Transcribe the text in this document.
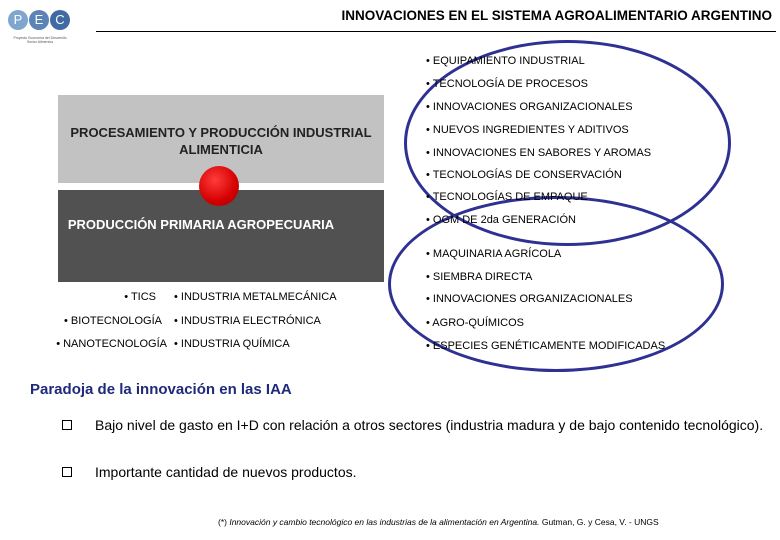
P E C
Proyecto Economía del Desarrollo Sector Alimentos
INNOVACIONES EN EL SISTEMA AGROALIMENTARIO ARGENTINO
PROCESAMIENTO Y PRODUCCIÓN INDUSTRIAL ALIMENTICIA
PRODUCCIÓN PRIMARIA AGROPECUARIA
• EQUIPAMIENTO INDUSTRIAL
• TECNOLOGÍA DE PROCESOS
• INNOVACIONES ORGANIZACIONALES
• NUEVOS INGREDIENTES Y ADITIVOS
• INNOVACIONES EN SABORES Y AROMAS
• TECNOLOGÍAS DE CONSERVACIÓN
• TECNOLOGÍAS DE EMPAQUE
• OGM DE 2da GENERACIÓN
• MAQUINARIA AGRÍCOLA
• SIEMBRA DIRECTA
• INNOVACIONES ORGANIZACIONALES
• AGRO-QUÍMICOS
• ESPECIES GENÉTICAMENTE MODIFICADAS
• TICS
• BIOTECNOLOGÍA
• NANOTECNOLOGÍA
• INDUSTRIA METALMECÁNICA
• INDUSTRIA ELECTRÓNICA
• INDUSTRIA QUÍMICA
Paradoja de la innovación en las IAA
Bajo nivel de gasto en I+D con relación a otros sectores (industria madura y de bajo contenido tecnológico).
Importante cantidad de nuevos productos.
(*) Innovación y cambio tecnológico en las industrias de la alimentación en Argentina. Gutman, G. y Cesa, V. - UNGS
